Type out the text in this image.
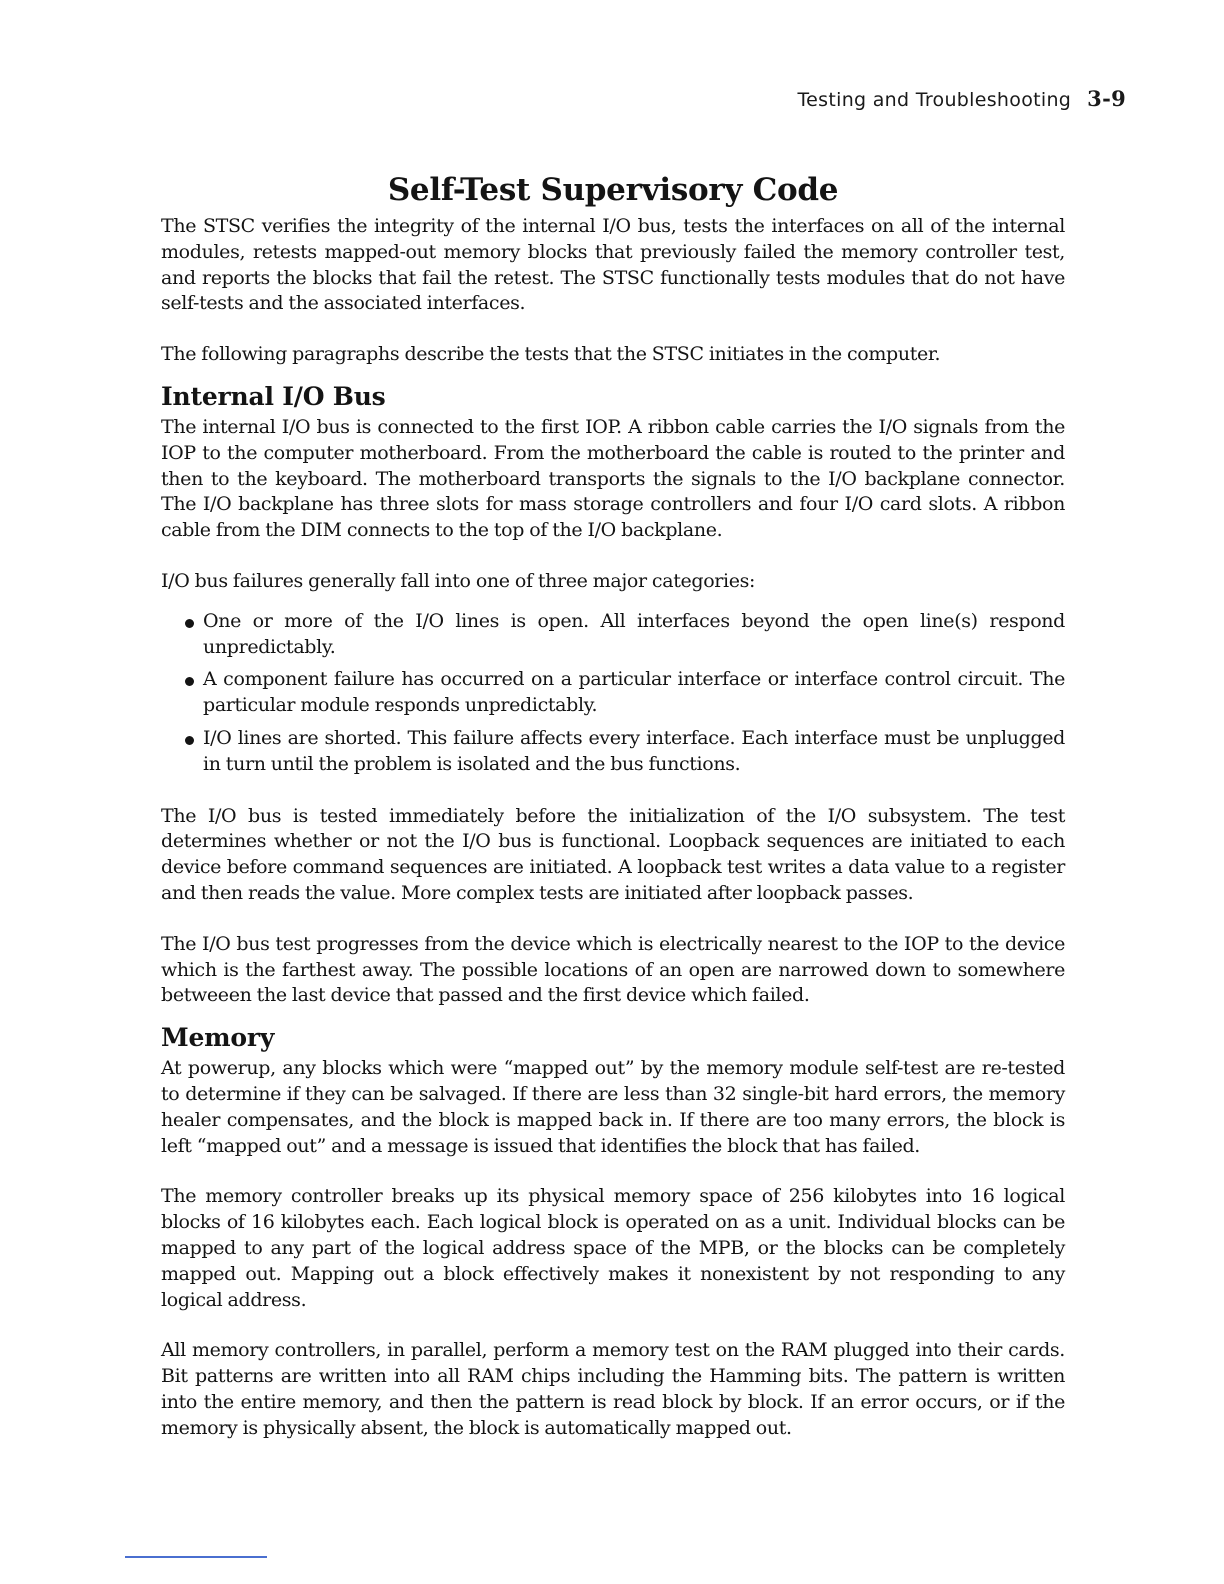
Testing and Troubleshooting 3-9
Self-Test Supervisory Code

The STSC verifies the integrity of the internal I/O bus, tests the interfaces on all of the internal modules, retests mapped-out memory blocks that previously failed the memory controller test, and reports the blocks that fail the retest. The STSC functionally tests modules that do not have self-tests and the associated interfaces.

The following paragraphs describe the tests that the STSC initiates in the computer.

Internal I/O Bus

The internal I/O bus is connected to the first IOP. A ribbon cable carries the I/O signals from the IOP to the computer motherboard. From the motherboard the cable is routed to the printer and then to the keyboard. The motherboard transports the signals to the I/O backplane connector. The I/O backplane has three slots for mass storage controllers and four I/O card slots. A ribbon cable from the DIM connects to the top of the I/O backplane.

I/O bus failures generally fall into one of three major categories:

One or more of the I/O lines is open. All interfaces beyond the open line(s) respond unpredictably.
A component failure has occurred on a particular interface or interface control circuit. The particular module responds unpredictably.
I/O lines are shorted. This failure affects every interface. Each interface must be unplugged in turn until the problem is isolated and the bus functions.

The I/O bus is tested immediately before the initialization of the I/O subsystem. The test determines whether or not the I/O bus is functional. Loopback sequences are initiated to each device before command sequences are initiated. A loopback test writes a data value to a register and then reads the value. More complex tests are initiated after loopback passes.

The I/O bus test progresses from the device which is electrically nearest to the IOP to the device which is the farthest away. The possible locations of an open are narrowed down to somewhere betweeen the last device that passed and the first device which failed.

Memory

At powerup, any blocks which were “mapped out” by the memory module self-test are re-tested to determine if they can be salvaged. If there are less than 32 single-bit hard errors, the memory healer compensates, and the block is mapped back in. If there are too many errors, the block is left “mapped out” and a message is issued that identifies the block that has failed.

The memory controller breaks up its physical memory space of 256 kilobytes into 16 logical blocks of 16 kilobytes each. Each logical block is operated on as a unit. Individual blocks can be mapped to any part of the logical address space of the MPB, or the blocks can be completely mapped out. Mapping out a block effectively makes it nonexistent by not responding to any logical address.

All memory controllers, in parallel, perform a memory test on the RAM plugged into their cards. Bit patterns are written into all RAM chips including the Hamming bits. The pattern is written into the entire memory, and then the pattern is read block by block. If an error occurs, or if the memory is physically absent, the block is automatically mapped out.
